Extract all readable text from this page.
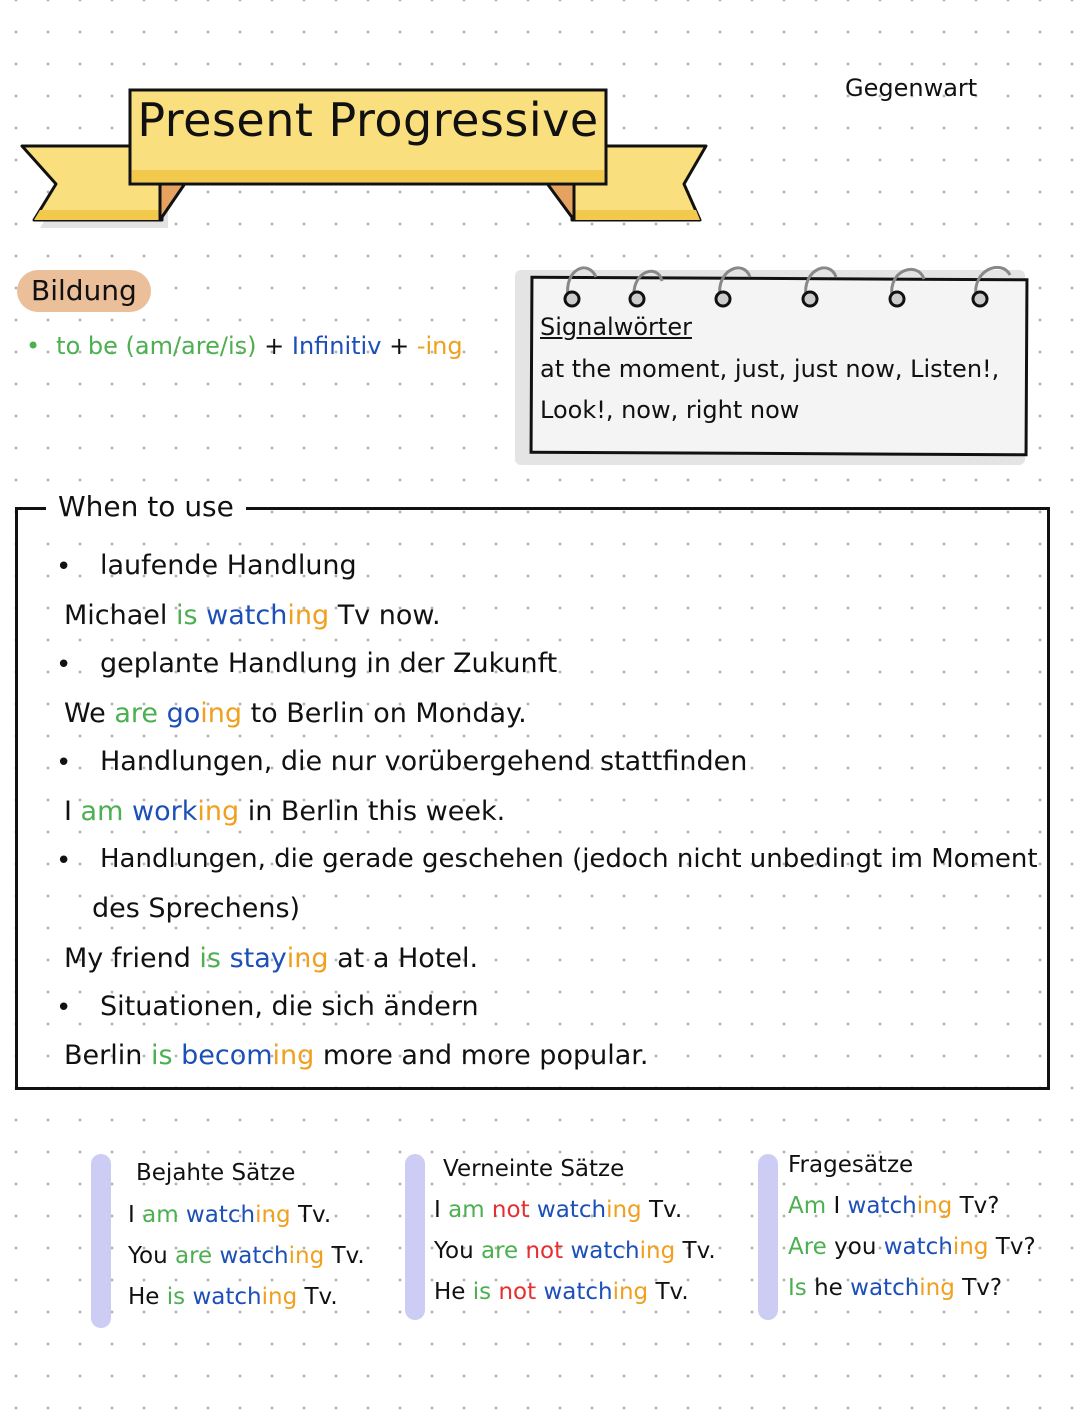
Present Progressive
Gegenwart
Bildung
• to be (am/are/is) + Infinitiv + -ing
Signalwörter
at the moment, just, just now, Listen!,
Look!, now, right now
When to use
• laufende Handlung
Michael is watching Tv now.
• geplante Handlung in der Zukunft
We are going to Berlin on Monday.
• Handlungen, die nur vorübergehend stattfinden
I am working in Berlin this week.
• Handlungen, die gerade geschehen (jedoch nicht unbedingt im Moment
des Sprechens)
My friend is staying at a Hotel.
• Situationen, die sich ändern
Berlin is becoming more and more popular.
Bejahte Sätze
I am watching Tv.
You are watching Tv.
He is watching Tv.
Verneinte Sätze
I am not watching Tv.
You are not watching Tv.
He is not watching Tv.
Fragesätze
Am I watching Tv?
Are you watching Tv?
Is he watching Tv?
